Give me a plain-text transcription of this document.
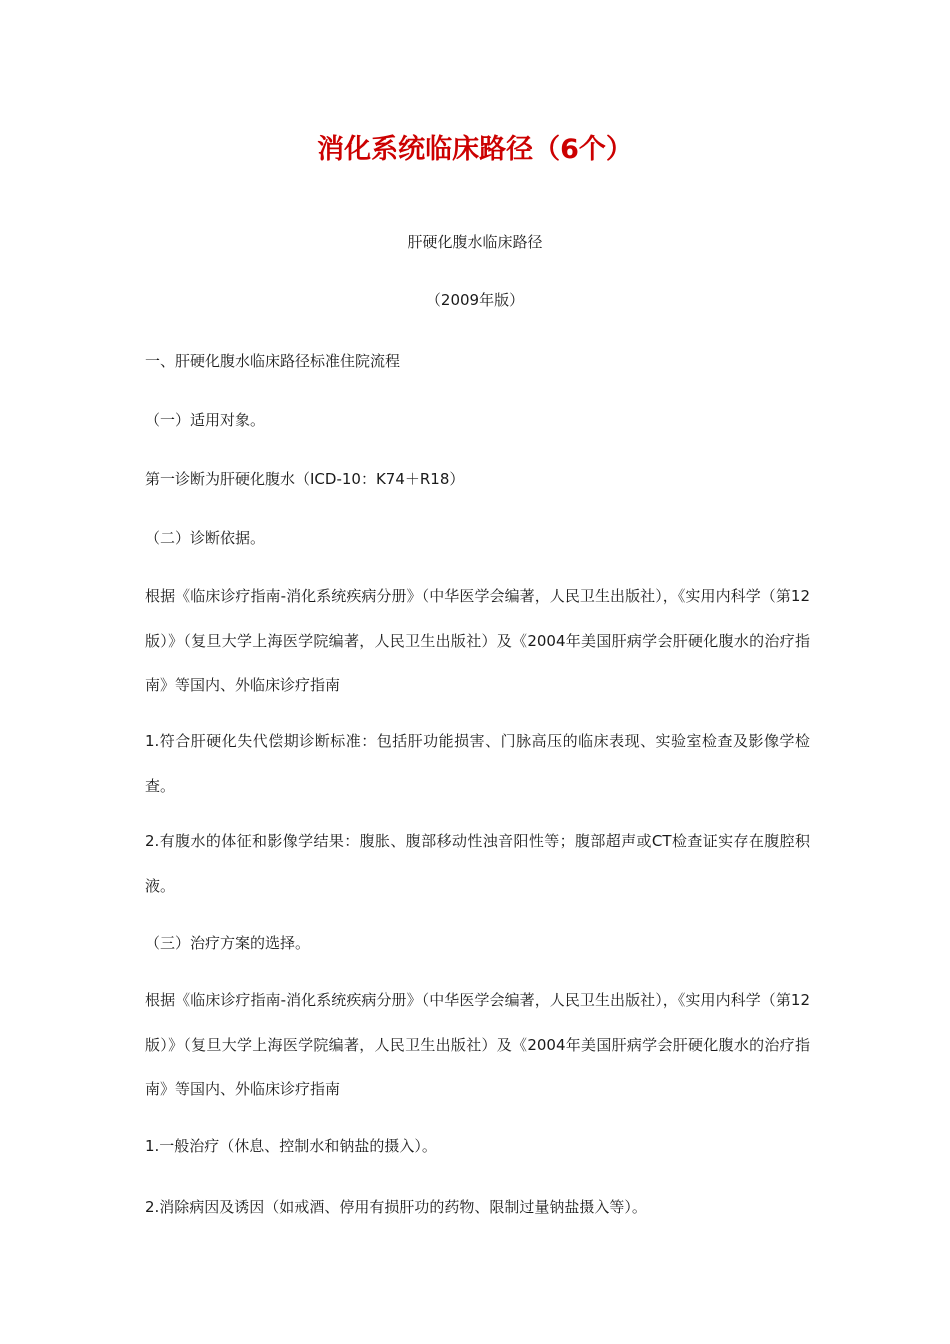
消化系统临床路径（6个）
肝硬化腹水临床路径
（2009年版）
一、肝硬化腹水临床路径标准住院流程
（一）适用对象。
第一诊断为肝硬化腹水（ICD-10：K74＋R18）
（二）诊断依据。
根据《临床诊疗指南-消化系统疾病分册》（中华医学会编著，人民卫生出版社），《实用内科学（第12版）》（复旦大学上海医学院编著，人民卫生出版社）及《2004年美国肝病学会肝硬化腹水的治疗指南》等国内、外临床诊疗指南
1.符合肝硬化失代偿期诊断标准：包括肝功能损害、门脉高压的临床表现、实验室检查及影像学检查。
2.有腹水的体征和影像学结果：腹胀、腹部移动性浊音阳性等；腹部超声或CT检查证实存在腹腔积液。
（三）治疗方案的选择。
根据《临床诊疗指南-消化系统疾病分册》（中华医学会编著，人民卫生出版社），《实用内科学（第12版）》（复旦大学上海医学院编著，人民卫生出版社）及《2004年美国肝病学会肝硬化腹水的治疗指南》等国内、外临床诊疗指南
1.一般治疗（休息、控制水和钠盐的摄入）。
2.消除病因及诱因（如戒酒、停用有损肝功的药物、限制过量钠盐摄入等）。
